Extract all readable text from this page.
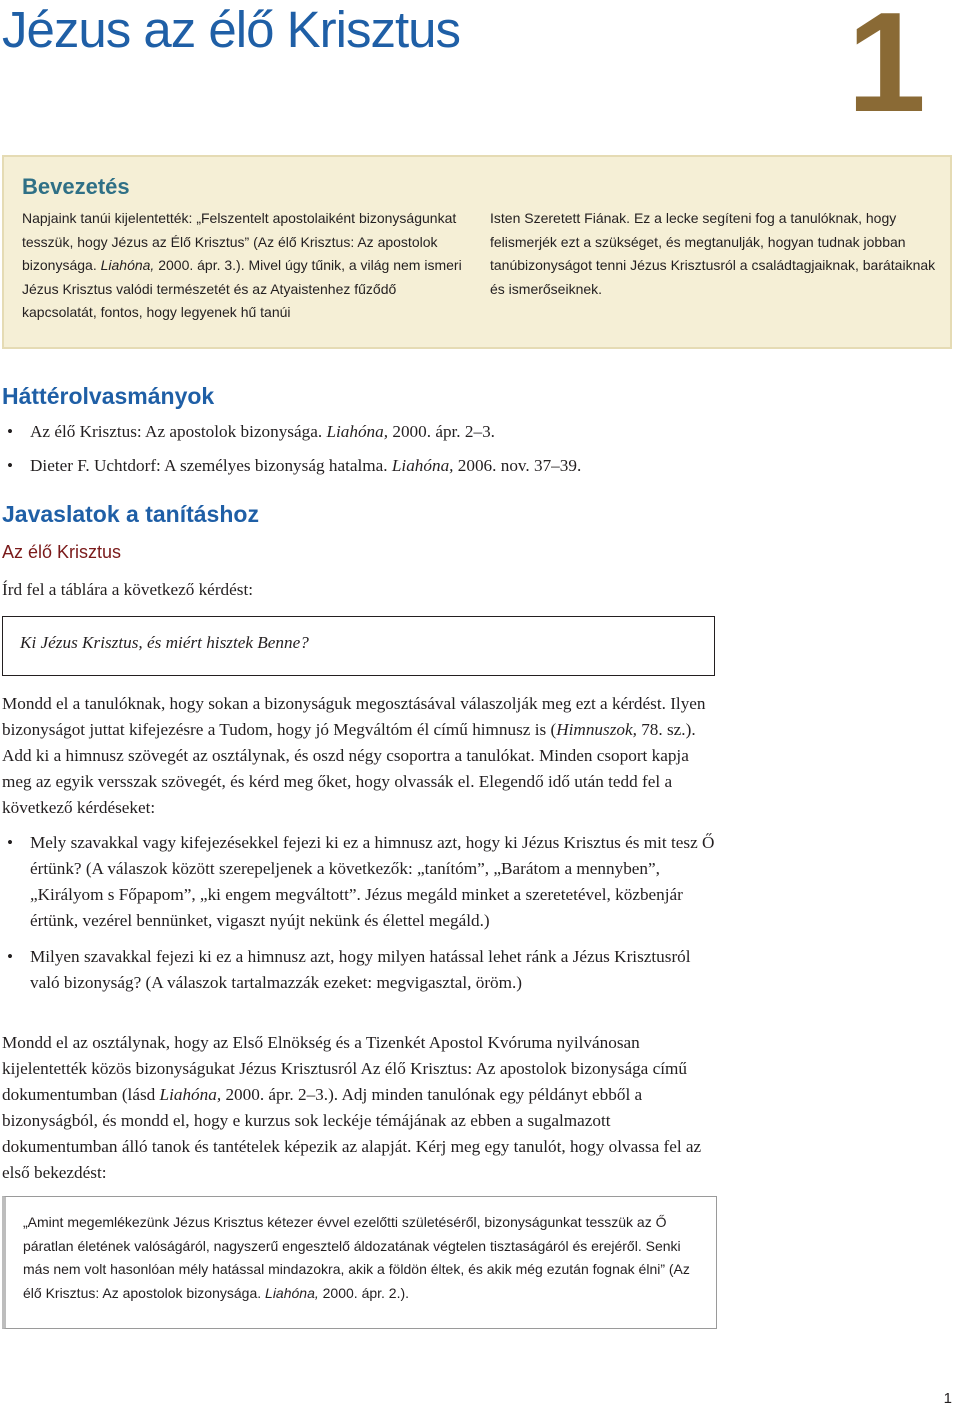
Jézus az élő Krisztus	1
Bevezetés

Napjaink tanúi kijelentették: „Felszentelt apostolaiként bizonyságunkat tesszük, hogy Jézus az Élő Krisztus” (Az élő Krisztus: Az apostolok bizonysága. Liahóna, 2000. ápr. 3.). Mivel úgy tűnik, a világ nem ismeri Jézus Krisztus valódi természetét és az Atyaistenhez fűződő kapcsolatát, fontos, hogy legyenek hű tanúi

Isten Szeretett Fiának. Ez a lecke segíteni fog a tanulóknak, hogy felismerjék ezt a szükséget, és megtanulják, hogyan tudnak jobban tanúbizonyságot tenni Jézus Krisztusról a családtagjaiknak, barátaiknak és ismerőseiknek.

Háttérolvasmányok
• Az élő Krisztus: Az apostolok bizonysága. Liahóna, 2000. ápr. 2–3.
• Dieter F. Uchtdorf: A személyes bizonyság hatalma. Liahóna, 2006. nov. 37–39.
Javaslatok a tanításhoz
Az élő Krisztus

Írd fel a táblára a következő kérdést:

Ki Jézus Krisztus, és miért hisztek Benne?

Mondd el a tanulóknak, hogy sokan a bizonyságuk megosztásával válaszolják meg ezt a kérdést. Ilyen bizonyságot juttat kifejezésre a Tudom, hogy jó Megváltóm él című himnusz is (Himnuszok, 78. sz.). Add ki a himnusz szövegét az osztálynak, és oszd négy csoportra a tanulókat. Minden csoport kapja meg az egyik versszak szövegét, és kérd meg őket, hogy olvassák el. Elegendő idő után tedd fel a következő kérdéseket:

• Mely szavakkal vagy kifejezésekkel fejezi ki ez a himnusz azt, hogy ki Jézus Krisztus és mit tesz Ő értünk? (A válaszok között szerepeljenek a következők: „tanítóm”, „Barátom a mennyben”, „Királyom s Főpapom”, „ki engem megváltott”. Jézus megáld minket a szeretetével, közbenjár értünk, vezérel bennünket, vigaszt nyújt nekünk és élettel megáld.)
• Milyen szavakkal fejezi ki ez a himnusz azt, hogy milyen hatással lehet ránk a Jézus Krisztusról való bizonyság? (A válaszok tartalmazzák ezeket: megvigasztal, öröm.)

Mondd el az osztálynak, hogy az Első Elnökség és a Tizenkét Apostol Kvóruma nyilvánosan kijelentették közös bizonyságukat Jézus Krisztusról Az élő Krisztus: Az apostolok bizonysága című dokumentumban (lásd Liahóna, 2000. ápr. 2–3.). Adj minden tanulónak egy példányt ebből a bizonyságból, és mondd el, hogy e kurzus sok leckéje témájának az ebben a sugalmazott dokumentumban álló tanok és tantételek képezik az alapját. Kérj meg egy tanulót, hogy olvassa fel az első bekezdést:

„Amint megemlékezünk Jézus Krisztus kétezer évvel ezelőtti születéséről, bizonyságunkat tesszük az Ő páratlan életének valóságáról, nagyszerű engesztelő áldozatának végtelen tisztaságáról és erejéről. Senki más nem volt hasonlóan mély hatással mindazokra, akik a földön éltek, és akik még ezután fognak élni” (Az élő Krisztus: Az apostolok bizonysága. Liahóna, 2000. ápr. 2.).

1
